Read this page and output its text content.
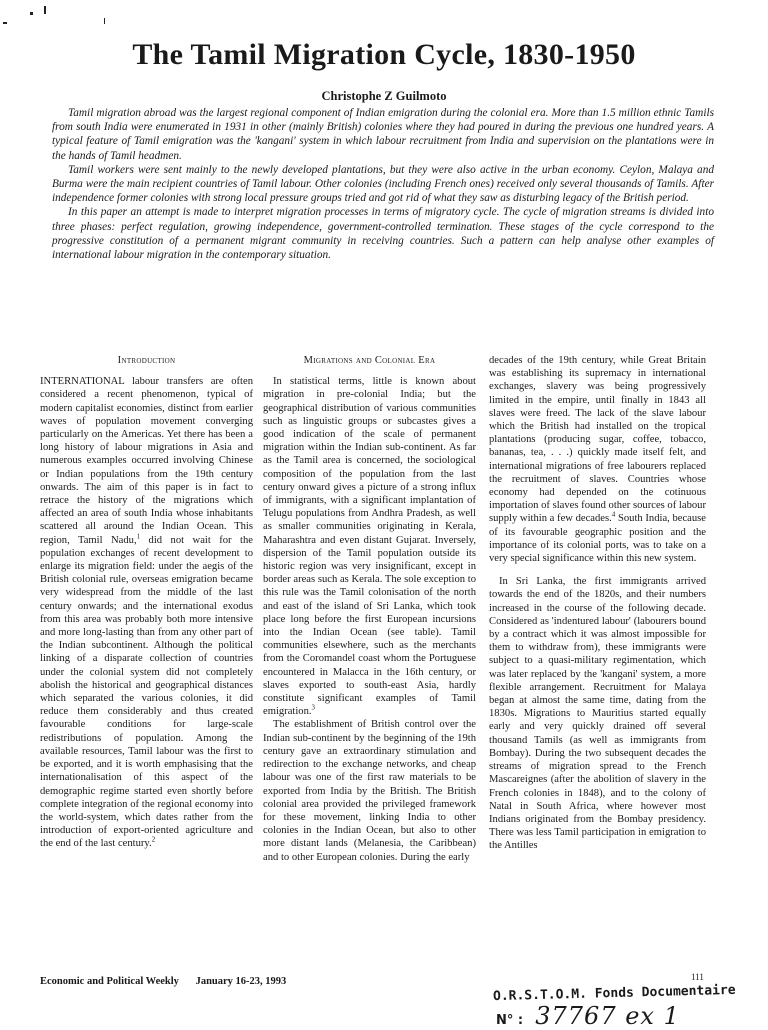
The Tamil Migration Cycle, 1830-1950
Christophe Z Guilmoto

Tamil migration abroad was the largest regional component of Indian emigration during the colonial era. More than 1.5 million ethnic Tamils from south India were enumerated in 1931 in other (mainly British) colonies where they had poured in during the previous one hundred years. A typical feature of Tamil emigration was the 'kangani' system in which labour recruitment from India and supervision on the plantations were in the hands of Tamil headmen.

Tamil workers were sent mainly to the newly developed plantations, but they were also active in the urban economy. Ceylon, Malaya and Burma were the main recipient countries of Tamil labour. Other colonies (including French ones) received only several thousands of Tamils. After independence former colonies with strong local pressure groups tried and got rid of what they saw as disturbing legacy of the British period.

In this paper an attempt is made to interpret migration processes in terms of migratory cycle. The cycle of migration streams is divided into three phases: perfect regulation, growing independence, government-controlled termination. These stages of the cycle correspond to the progressive constitution of a permanent migrant community in receiving countries. Such a pattern can help analyse other examples of international labour migration in the contemporary situation.

Introduction

INTERNATIONAL labour transfers are often considered a recent phenomenon, typical of modern capitalist economies, distinct from earlier waves of population movement converging particularly on the Americas. Yet there has been a long history of labour migrations in Asia and numerous examples occurred involving Chinese or Indian populations from the 19th century onwards. The aim of this paper is in fact to retrace the history of the migrations which affected an area of south India whose inhabitants scattered all around the Indian Ocean. This region, Tamil Nadu,$^1$ did not wait for the population exchanges of recent development to enlarge its migration field: under the aegis of the British colonial rule, overseas emigration became very widespread from the middle of the last century onwards; and the international exodus from this area was probably both more intensive and more long-lasting than from any other part of the Indian subcontinent. Although the political linking of a disparate collection of countries under the colonial system did not completely abolish the historical and geographical distances which separated the various colonies, it did reduce them considerably and thus created favourable conditions for large-scale redistributions of population. Among the available resources, Tamil labour was the first to be exported, and it is worth emphasising that the internationalisation of this aspect of the demographic regime started even shortly before complete integration of the regional economy into the world-system, which dates rather from the introduction of export-oriented agriculture and the end of the last century.$^2$

Migrations and Colonial Era

In statistical terms, little is known about migration in pre-colonial India; but the geographical distribution of various communities such as linguistic groups or subcastes gives a good indication of the scale of permanent migration within the Indian sub-continent. As far as the Tamil area is concerned, the sociological composition of the population from the last century onward gives a picture of a strong influx of immigrants, with a significant implantation of Telugu populations from Andhra Pradesh, as well as smaller communities originating in Kerala, Maharashtra and even distant Gujarat. Inversely, dispersion of the Tamil population outside its historic region was very insignificant, except in border areas such as Kerala. The sole exception to this rule was the Tamil colonisation of the north and east of the island of Sri Lanka, which took place long before the first European incursions into the Indian Ocean (see table). Tamil communities elsewhere, such as the merchants from the Coromandel coast whom the Portuguese encountered in Malacca in the 16th century, or slaves exported to south-east Asia, hardly constitute significant examples of Tamil emigration.$^3$

The establishment of British control over the Indian sub-continent by the beginning of the 19th century gave an extraordinary stimulation and redirection to the exchange networks, and cheap labour was one of the first raw materials to be exported from India by the British. The British colonial area provided the privileged framework for these movement, linking India to other colonies in the Indian Ocean, but also to other more distant lands (Melanesia, the Caribbean) and to other European colonies. During the early

decades of the 19th century, while Great Britain was establishing its supremacy in international exchanges, slavery was being progressively limited in the empire, until finally in 1843 all slaves were freed. The lack of the slave labour which the British had installed on the tropical plantations (producing sugar, coffee, tobacco, bananas, tea, . . .) quickly made itself felt, and international migrations of free labourers replaced the recruitment of slaves. Countries whose economy had depended on the cotinuous importation of slaves found other sources of labour supply within a few decades.$^4$ South India, because of its favourable geographic position and the importance of its colonial ports, was to take on a very special significance within this new system.

In Sri Lanka, the first immigrants arrived towards the end of the 1820s, and their numbers increased in the course of the following decade. Considered as 'indentured labour' (labourers bound by a contract which it was almost impossible for them to withdraw from), these immigrants were subject to a quasi-military regimentation, which was later replaced by the 'kangani' system, a more flexible arrangement. Recruitment for Malaya began at almost the same time, dating from the 1830s. Migrations to Mauritius started equally early and very quickly drained off several thousand Tamils (as well as immigrants from Bombay). During the two subsequent decades the streams of migration spread to the French Mascareignes (after the abolition of slavery in the French colonies in 1848), and to the colony of Natal in South Africa, where however most Indians originated from the Bombay presidency. There was less Tamil participation in emigration to the Antilles

Economic and Political Weekly January 16-23, 1993	111
O.R.S.T.O.M. Fonds Documentaire
N° : 37767 ex 1
